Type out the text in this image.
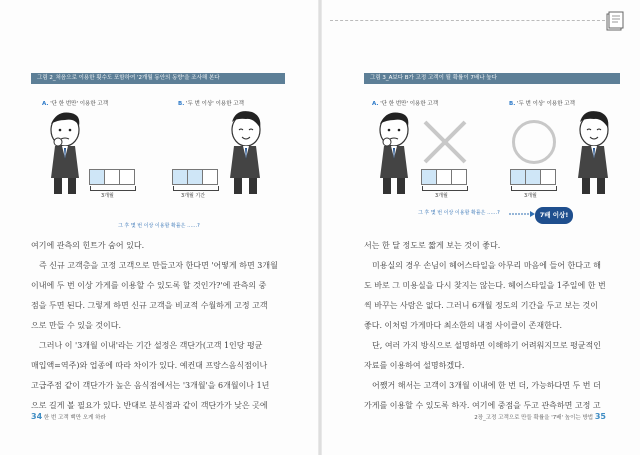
그림 2_처음으로 이용한 횟수도 포함하여 '2개월 동안의 동향'을 조사해 본다
A. '단 한 번만' 이용한 고객	B. '두 번 이상' 이용한 고객
3개월	3개월 기간
그 후 몇 번 이상 이용할 확률은 ……?
그림 3_A보다 B가 고정 고객이 될 확률이 7배나 높다
A. '단 한 번만' 이용한 고객	B. '두 번 이상' 이용한 고객
3개월	3개월
그 후 몇 번 이상 이용할 확률은 ……?	7배 이상!
여기에 관측의 힌트가 숨어 있다.
즉 신규 고객층을 고정 고객으로 만들고자 한다면 '어떻게 하면 3개월
이내에 두 번 이상 가게를 이용할 수 있도록 할 것인가?'에 관측의 중
점을 두면 된다. 그렇게 하면 신규 고객을 비교적 수월하게 고정 고객
으로 만들 수 있을 것이다.
그러나 이 '3개월 이내'라는 기간 설정은 객단가(고객 1인당 평균
매입액=역주)와 업종에 따라 차이가 있다. 예컨대 프랑스음식점이나
고급주점 같이 객단가가 높은 음식점에서는 '3개월'을 6개월이나 1년
으로 길게 볼 필요가 있다. 반대로 분식점과 같이 객단가가 낮은 곳에
서는 한 달 정도로 짧게 보는 것이 좋다.
미용실의 경우 손님이 헤어스타일을 아무리 마음에 들어 한다고 해
도 바로 그 미용실을 다시 찾지는 않는다. 헤어스타일을 1주일에 한 번
씩 바꾸는 사람은 없다. 그러니 6개월 정도의 기간을 두고 보는 것이
좋다. 이처럼 가게마다 최소한의 내점 사이클이 존재한다.
단, 여러 가지 방식으로 설명하면 이해하기 어려워지므로 평균적인
자료를 이용하여 설명하겠다.
어쨌거 해서는 고객이 3개월 이내에 한 번 더, 가능하다면 두 번 더
가게를 이용할 수 있도록 하자. 여기에 중점을 두고 관측하면 고정 고
34 한 번 고객 백만 오게 하라	2장_고정 고객으로 만들 확률을 '7배' 높이는 방법 35
